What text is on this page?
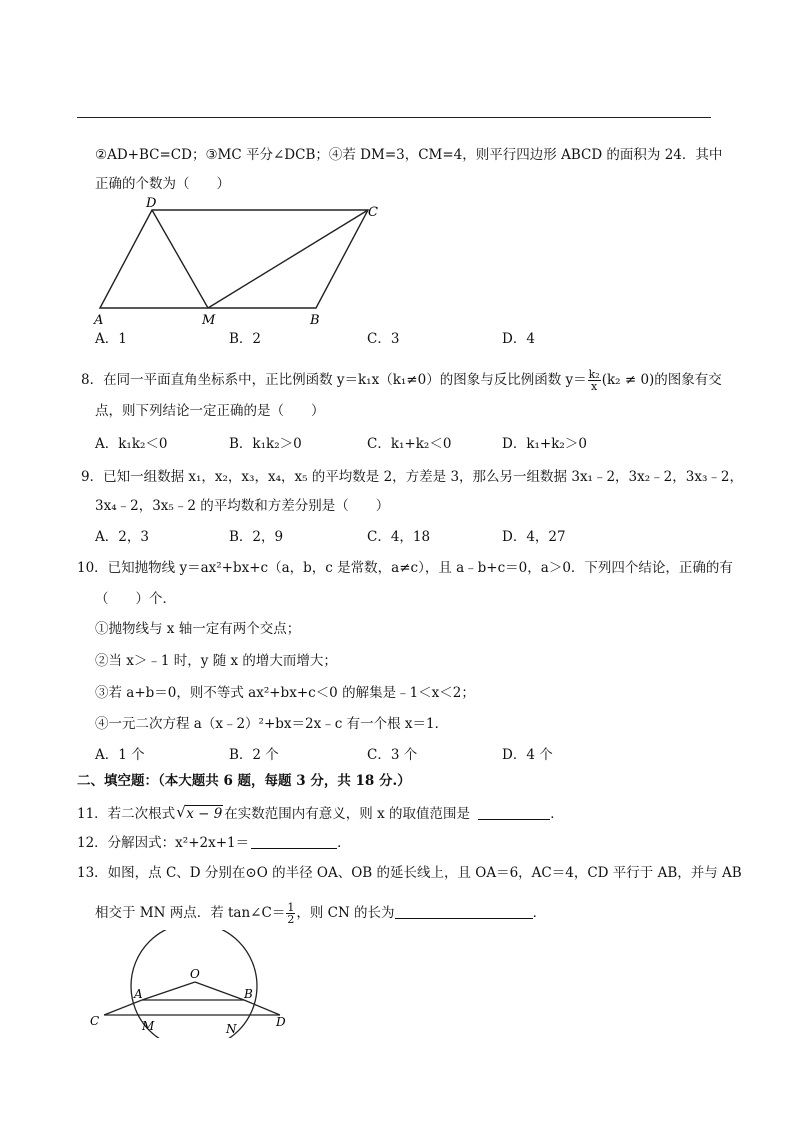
②AD+BC=CD；③MC 平分∠DCB；④若 DM=3，CM=4，则平行四边形 ABCD 的面积为 24．其中
正确的个数为（　　）
D
C
A	M	B
A．1	B．2	C．3	D．4
8．在同一平面直角坐标系中，正比例函数 y＝k₁x（k₁≠0）的图象与反比例函数 $y= \frac{\text{k₂}}{x} (k_2 \ne 0)$的图象有交
点，则下列结论一定正确的是（　　）
A．k₁k₂＜0	B．k₁k₂＞0	C．k₁+k₂＜0	D．k₁+k₂＞0
9．已知一组数据 x₁，x₂，x₃，x₄，x₅ 的平均数是 2，方差是 3，那么另一组数据 3x₁﹣2，3x₂﹣2，3x₃﹣2，
3x₄﹣2，3x₅﹣2 的平均数和方差分别是（　　）
A．2，3	B．2，9	C．4，18	D．4，27
10．已知抛物线 y＝ax²+bx+c（a，b，c 是常数，a≠c），且 a﹣b+c＝0，a＞0．下列四个结论，正确的有
（　　）个．
①抛物线与 x 轴一定有两个交点；
②当 x＞﹣1 时，y 随 x 的增大而增大；
③若 a+b＝0，则不等式 ax²+bx+c＜0 的解集是﹣1＜x＜2；
④一元二次方程 a（x﹣2）²+bx＝2x﹣c 有一个根 x＝1．
A．1 个	B．2 个	C．3 个	D．4 个
二、填空题：（本大题共 6 题，每题 3 分，共 18 分.）
11．若二次根式 √ x − 9 在实数范围内有意义，则 x 的取值范围是	．
12．分解因式：x²+2x+1＝	．
13．如图，点 C、D 分别在⊙O 的半径 OA、OB 的延长线上，且 OA＝6，AC＝4，CD 平行于 AB，并与 AB
相交于 MN 两点．若 tan∠C＝ $\frac{1}{2}$ ，则 CN 的长为	．
O
A	B
C	M	N	D
